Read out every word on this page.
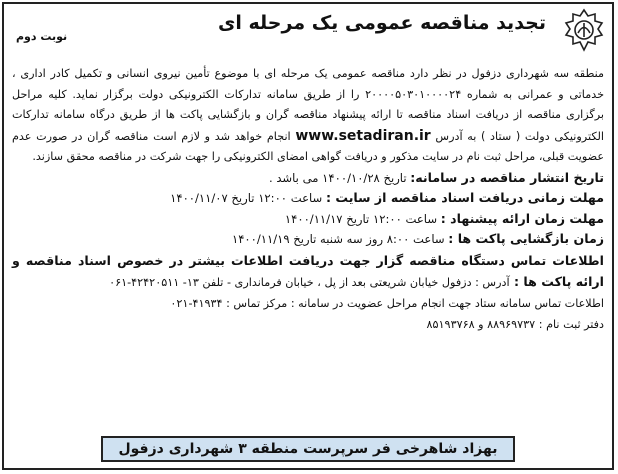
تجدید مناقصه عمومی یک مرحله ای
نوبت دوم

منطقه سه شهرداری دزفول در نظر دارد مناقصه عمومی یک مرحله ای با موضوع تأمین نیروی انسانی و تکمیل کادر اداری ، خدماتی و عمرانی به شماره ۲۰۰۰۰۵۰۳۰۱۰۰۰۰۲۴ را از طریق سامانه تدارکات الکترونیکی دولت برگزار نماید. کلیه مراحل برگزاری مناقصه از دریافت اسناد مناقصه تا ارائه پیشنهاد مناقصه گران و بازگشایی پاکت ها از طریق درگاه سامانه تدارکات الکترونیکی دولت ( ستاد ) به آدرس www.setadiran.ir انجام خواهد شد و لازم است مناقصه گران در صورت عدم عضویت قبلی، مراحل ثبت نام در سایت مذکور و دریافت گواهی امضای الکترونیکی را جهت شرکت در مناقصه محقق سازند.

تاریخ انتشار مناقصه در سامانه: تاریخ ۱۴۰۰/۱۰/۲۸ می باشد .
مهلت زمانی دریافت اسناد مناقصه از سایت : ساعت ۱۲:۰۰ تاریخ ۱۴۰۰/۱۱/۰۷
مهلت زمان ارائه پیشنهاد : ساعت ۱۲:۰۰ تاریخ ۱۴۰۰/۱۱/۱۷
زمان بازگشایی پاکت ها : ساعت ۸:۰۰ روز سه شنبه تاریخ ۱۴۰۰/۱۱/۱۹

اطلاعات تماس دستگاه مناقصه گزار جهت دریافت اطلاعات بیشتر در خصوص اسناد مناقصه و ارائه پاکت ها : آدرس : دزفول خیابان شریعتی بعد از پل ، خیابان فرمانداری - تلفن ۱۳- ۴۲۴۲۰۵۱۱-۰۶۱

اطلاعات تماس سامانه ستاد جهت انجام مراحل عضویت در سامانه : مرکز تماس : ۴۱۹۳۴-۰۲۱
دفتر ثبت نام : ۸۸۹۶۹۷۳۷ و ۸۵۱۹۳۷۶۸
بهزاد شاهرخی فر سرپرست منطقه ۳ شهرداری دزفول
